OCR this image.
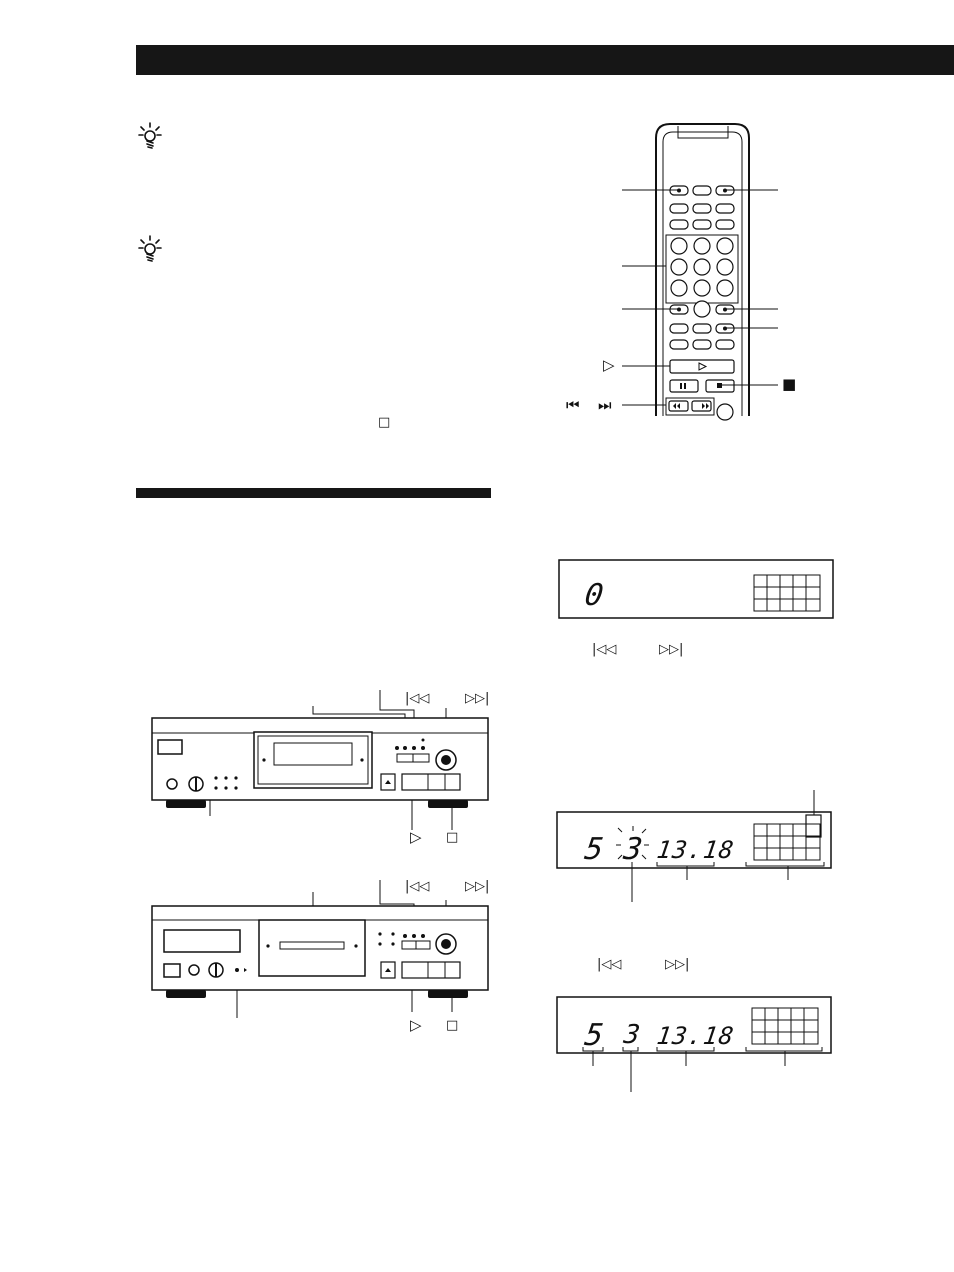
□
▷
■
⏮ ⏭
0
|◁◁	▷▷|
5 3 13.18
|◁◁	▷▷|
5 3 13.18
|◁◁	▷▷|
▷ □
|◁◁	▷▷|
▷ □
